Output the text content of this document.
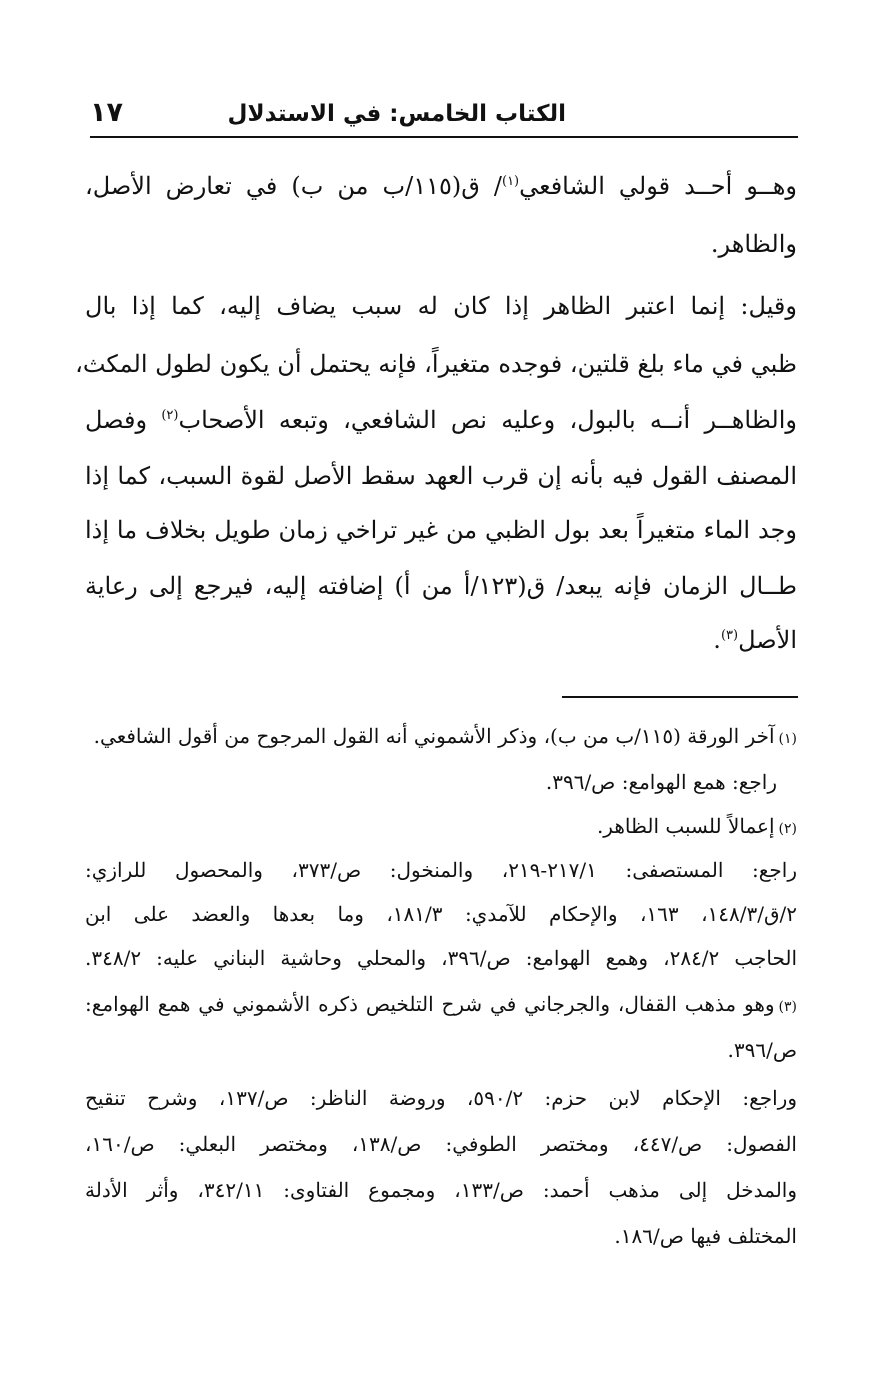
الكتاب الخامس: في الاستدلال
١٧
وهــو أحــد قولي الشافعي$^{(١)}$/ ق(١١٥/ب من ب) في تعارض الأصل،
والظاهر.
وقيل: إنما اعتبر الظاهر إذا كان له سبب يضاف إليه، كما إذا بال
ظبي في ماء بلغ قلتين، فوجده متغيراً، فإنه يحتمل أن يكون لطول المكث،
والظاهــر أنــه بالبول، وعليه نص الشافعي، وتبعه الأصحاب$^{(٢)}$ وفصل
المصنف القول فيه بأنه إن قرب العهد سقط الأصل لقوة السبب، كما إذا
وجد الماء متغيراً بعد بول الظبي من غير تراخي زمان طويل بخلاف ما إذا
طــال الزمان فإنه يبعد/ ق(١٢٣/أ من أ) إضافته إليه، فيرجع إلى رعاية
الأصل$^{(٣)}$.
(١)آخر الورقة (١١٥/ب من ب)، وذكر الأشموني أنه القول المرجوح من أقول الشافعي.
راجع: همع الهوامع: ص/٣٩٦.
(٢)إعمالاً للسبب الظاهر.
راجع: المستصفى: ٢١٧/١-٢١٩، والمنخول: ص/٣٧٣، والمحصول للرازي:
٢/ق/١٤٨/٣، ١٦٣، والإحكام للآمدي: ١٨١/٣، وما بعدها والعضد على ابن
الحاجب ٢٨٤/٢، وهمع الهوامع: ص/٣٩٦، والمحلي وحاشية البناني عليه: ٣٤٨/٢.
(٣)وهو مذهب القفال، والجرجاني في شرح التلخيص ذكره الأشموني في همع الهوامع:
ص/٣٩٦.
وراجع: الإحكام لابن حزم: ٥٩٠/٢، وروضة الناظر: ص/١٣٧، وشرح تنقيح
الفصول: ص/٤٤٧، ومختصر الطوفي: ص/١٣٨، ومختصر البعلي: ص/١٦٠،
والمدخل إلى مذهب أحمد: ص/١٣٣، ومجموع الفتاوى: ٣٤٢/١١، وأثر الأدلة
المختلف فيها ص/١٨٦.
